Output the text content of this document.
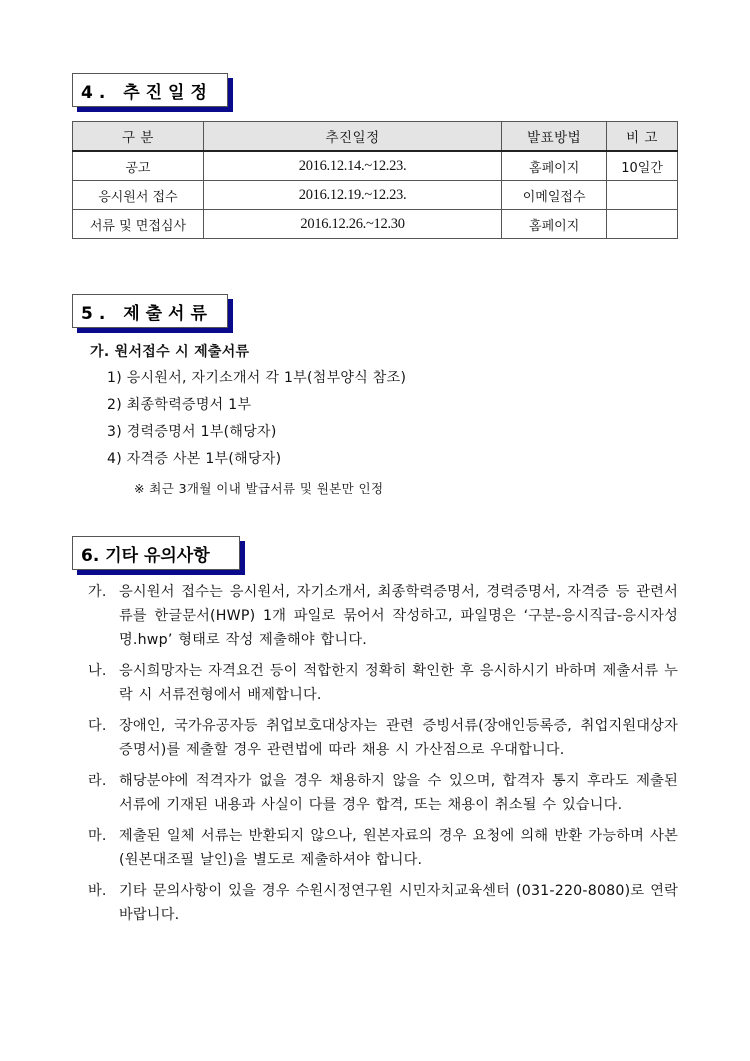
4. 추진일정
구 분	추진일정	발표방법	비 고
공고	2016.12.14.~12.23.	홈페이지	10일간
응시원서 접수	2016.12.19.~12.23.	이메일접수	
서류 및 면접심사	2016.12.26.~12.30	홈페이지	
5. 제출서류
가. 원서접수 시 제출서류
1) 응시원서, 자기소개서 각 1부(첨부양식 참조)
2) 최종학력증명서 1부
3) 경력증명서 1부(해당자)
4) 자격증 사본 1부(해당자)
※ 최근 3개월 이내 발급서류 및 원본만 인정
6. 기타 유의사항
가. 응시원서 접수는 응시원서, 자기소개서, 최종학력증명서, 경력증명서, 자격증 등 관련서류를 한글문서(HWP) 1개 파일로 묶어서 작성하고, 파일명은 ‘구분-응시직급-응시자성명.hwp’ 형태로 작성 제출해야 합니다.
나. 응시희망자는 자격요건 등이 적합한지 정확히 확인한 후 응시하시기 바하며 제출서류 누락 시 서류전형에서 배제합니다.
다. 장애인, 국가유공자등 취업보호대상자는 관련 증빙서류(장애인등록증, 취업지원대상자 증명서)를 제출할 경우 관련법에 따라 채용 시 가산점으로 우대합니다.
라. 해당분야에 적격자가 없을 경우 채용하지 않을 수 있으며, 합격자 통지 후라도 제출된 서류에 기재된 내용과 사실이 다를 경우 합격, 또는 채용이 취소될 수 있습니다.
마. 제출된 일체 서류는 반환되지 않으나, 원본자료의 경우 요청에 의해 반환 가능하며 사본(원본대조필 날인)을 별도로 제출하셔야 합니다.
바. 기타 문의사항이 있을 경우 수원시정연구원 시민자치교육센터 (031-220-8080)로 연락 바랍니다.
